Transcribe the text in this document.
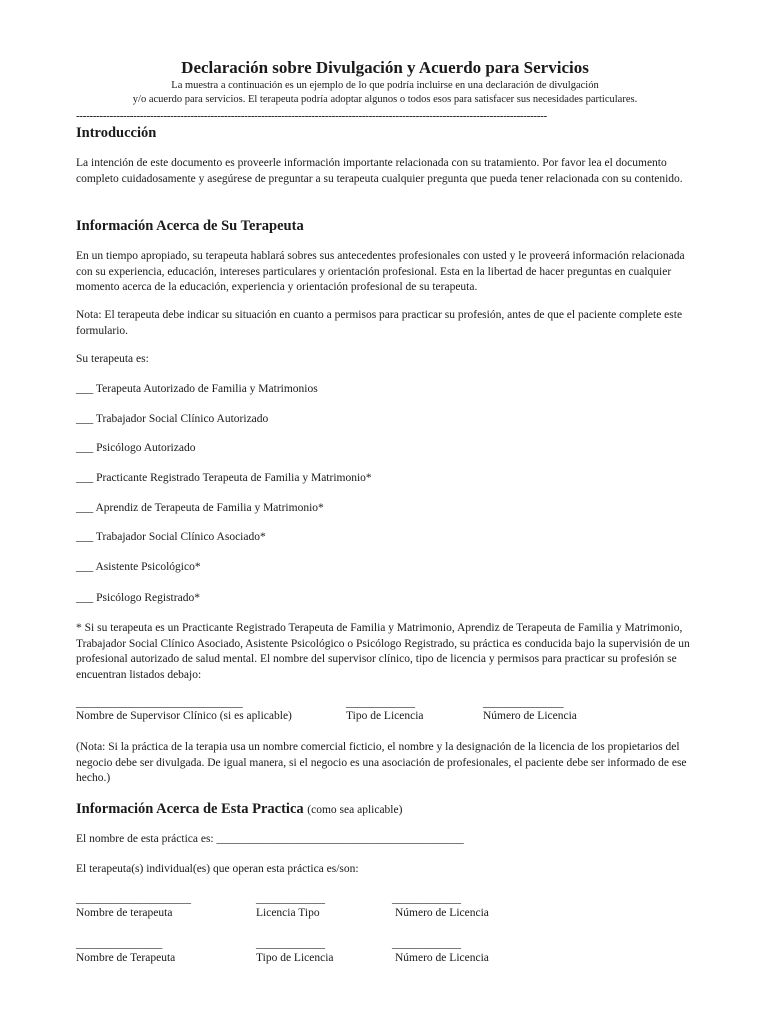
Declaración sobre Divulgación y Acuerdo para Servicios
La muestra a continuación es un ejemplo de lo que podría incluirse en una declaración de divulgación
y/o acuerdo para servicios. El terapeuta podría adoptar algunos o todos esos para satisfacer sus necesidades particulares.
--------------------------------------------------------------------------------------------------------------------------------------------
Introducción
La intención de este documento es proveerle información importante relacionada con su tratamiento. Por favor lea el documento completo cuidadosamente y asegúrese de preguntar a su terapeuta cualquier pregunta que pueda tener relacionada con su contenido.
Información Acerca de Su Terapeuta
En un tiempo apropiado, su terapeuta hablará sobres sus antecedentes profesionales con usted y le proveerá información relacionada con su experiencia, educación, intereses particulares y orientación profesional. Esta en la libertad de hacer preguntas en cualquier momento acerca de la educación, experiencia y orientación profesional de su terapeuta.
Nota: El terapeuta debe indicar su situación en cuanto a permisos para practicar su profesión, antes de que el paciente complete este formulario.
Su terapeuta es:
___ Terapeuta Autorizado de Familia y Matrimonios
___ Trabajador Social Clínico Autorizado
___ Psicólogo Autorizado
___ Practicante Registrado Terapeuta de Familia y Matrimonio*
___ Aprendiz de Terapeuta de Familia y Matrimonio*
___ Trabajador Social Clínico Asociado*
___ Asistente Psicológico*
___ Psicólogo Registrado*
* Si su terapeuta es un Practicante Registrado Terapeuta de Familia y Matrimonio, Aprendiz de Terapeuta de Familia y Matrimonio, Trabajador Social Clínico Asociado, Asistente Psicológico o Psicólogo Registrado, su práctica es conducida bajo la supervisión de un profesional autorizado de salud mental. El nombre del supervisor clínico, tipo de licencia y permisos para practicar su profesión se encuentran listados debajo:
_____________________________	____________	______________
Nombre de Supervisor Clínico (si es aplicable)	Tipo de Licencia	Número de Licencia
(Nota: Si la práctica de la terapia usa un nombre comercial ficticio, el nombre y la designación de la licencia de los propietarios del negocio debe ser divulgada. De igual manera, si el negocio es una asociación de profesionales, el paciente debe ser informado de ese hecho.)
Información Acerca de Esta Practica (como sea aplicable)
El nombre de esta práctica es: ___________________________________________
El terapeuta(s) individual(es) que operan esta práctica es/son:
____________________	____________	____________
Nombre de terapeuta	Licencia Tipo	Número de Licencia
_______________	____________	____________
Nombre de Terapeuta	Tipo de Licencia	Número de Licencia
